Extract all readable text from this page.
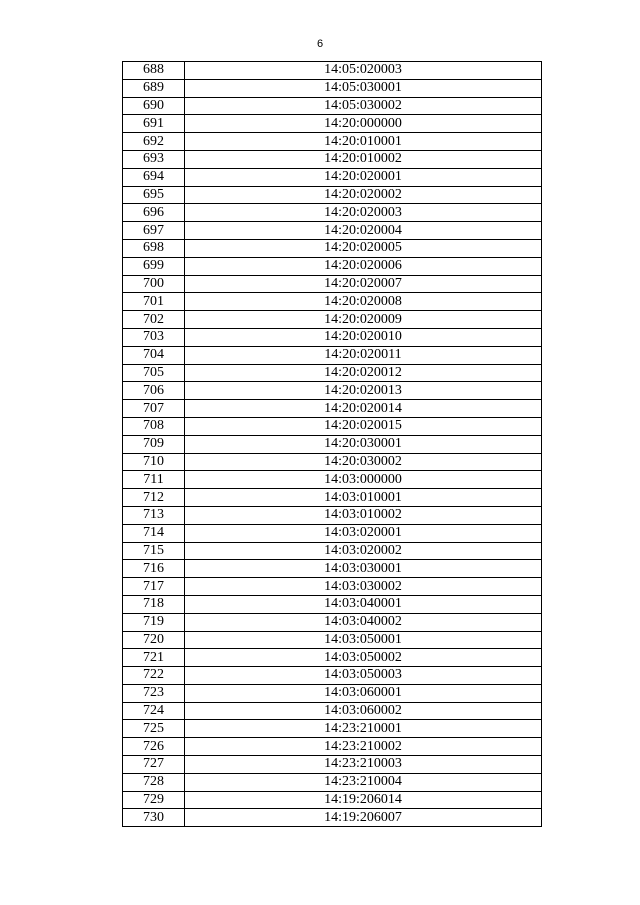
6
688	14:05:020003
689	14:05:030001
690	14:05:030002
691	14:20:000000
692	14:20:010001
693	14:20:010002
694	14:20:020001
695	14:20:020002
696	14:20:020003
697	14:20:020004
698	14:20:020005
699	14:20:020006
700	14:20:020007
701	14:20:020008
702	14:20:020009
703	14:20:020010
704	14:20:020011
705	14:20:020012
706	14:20:020013
707	14:20:020014
708	14:20:020015
709	14:20:030001
710	14:20:030002
711	14:03:000000
712	14:03:010001
713	14:03:010002
714	14:03:020001
715	14:03:020002
716	14:03:030001
717	14:03:030002
718	14:03:040001
719	14:03:040002
720	14:03:050001
721	14:03:050002
722	14:03:050003
723	14:03:060001
724	14:03:060002
725	14:23:210001
726	14:23:210002
727	14:23:210003
728	14:23:210004
729	14:19:206014
730	14:19:206007
